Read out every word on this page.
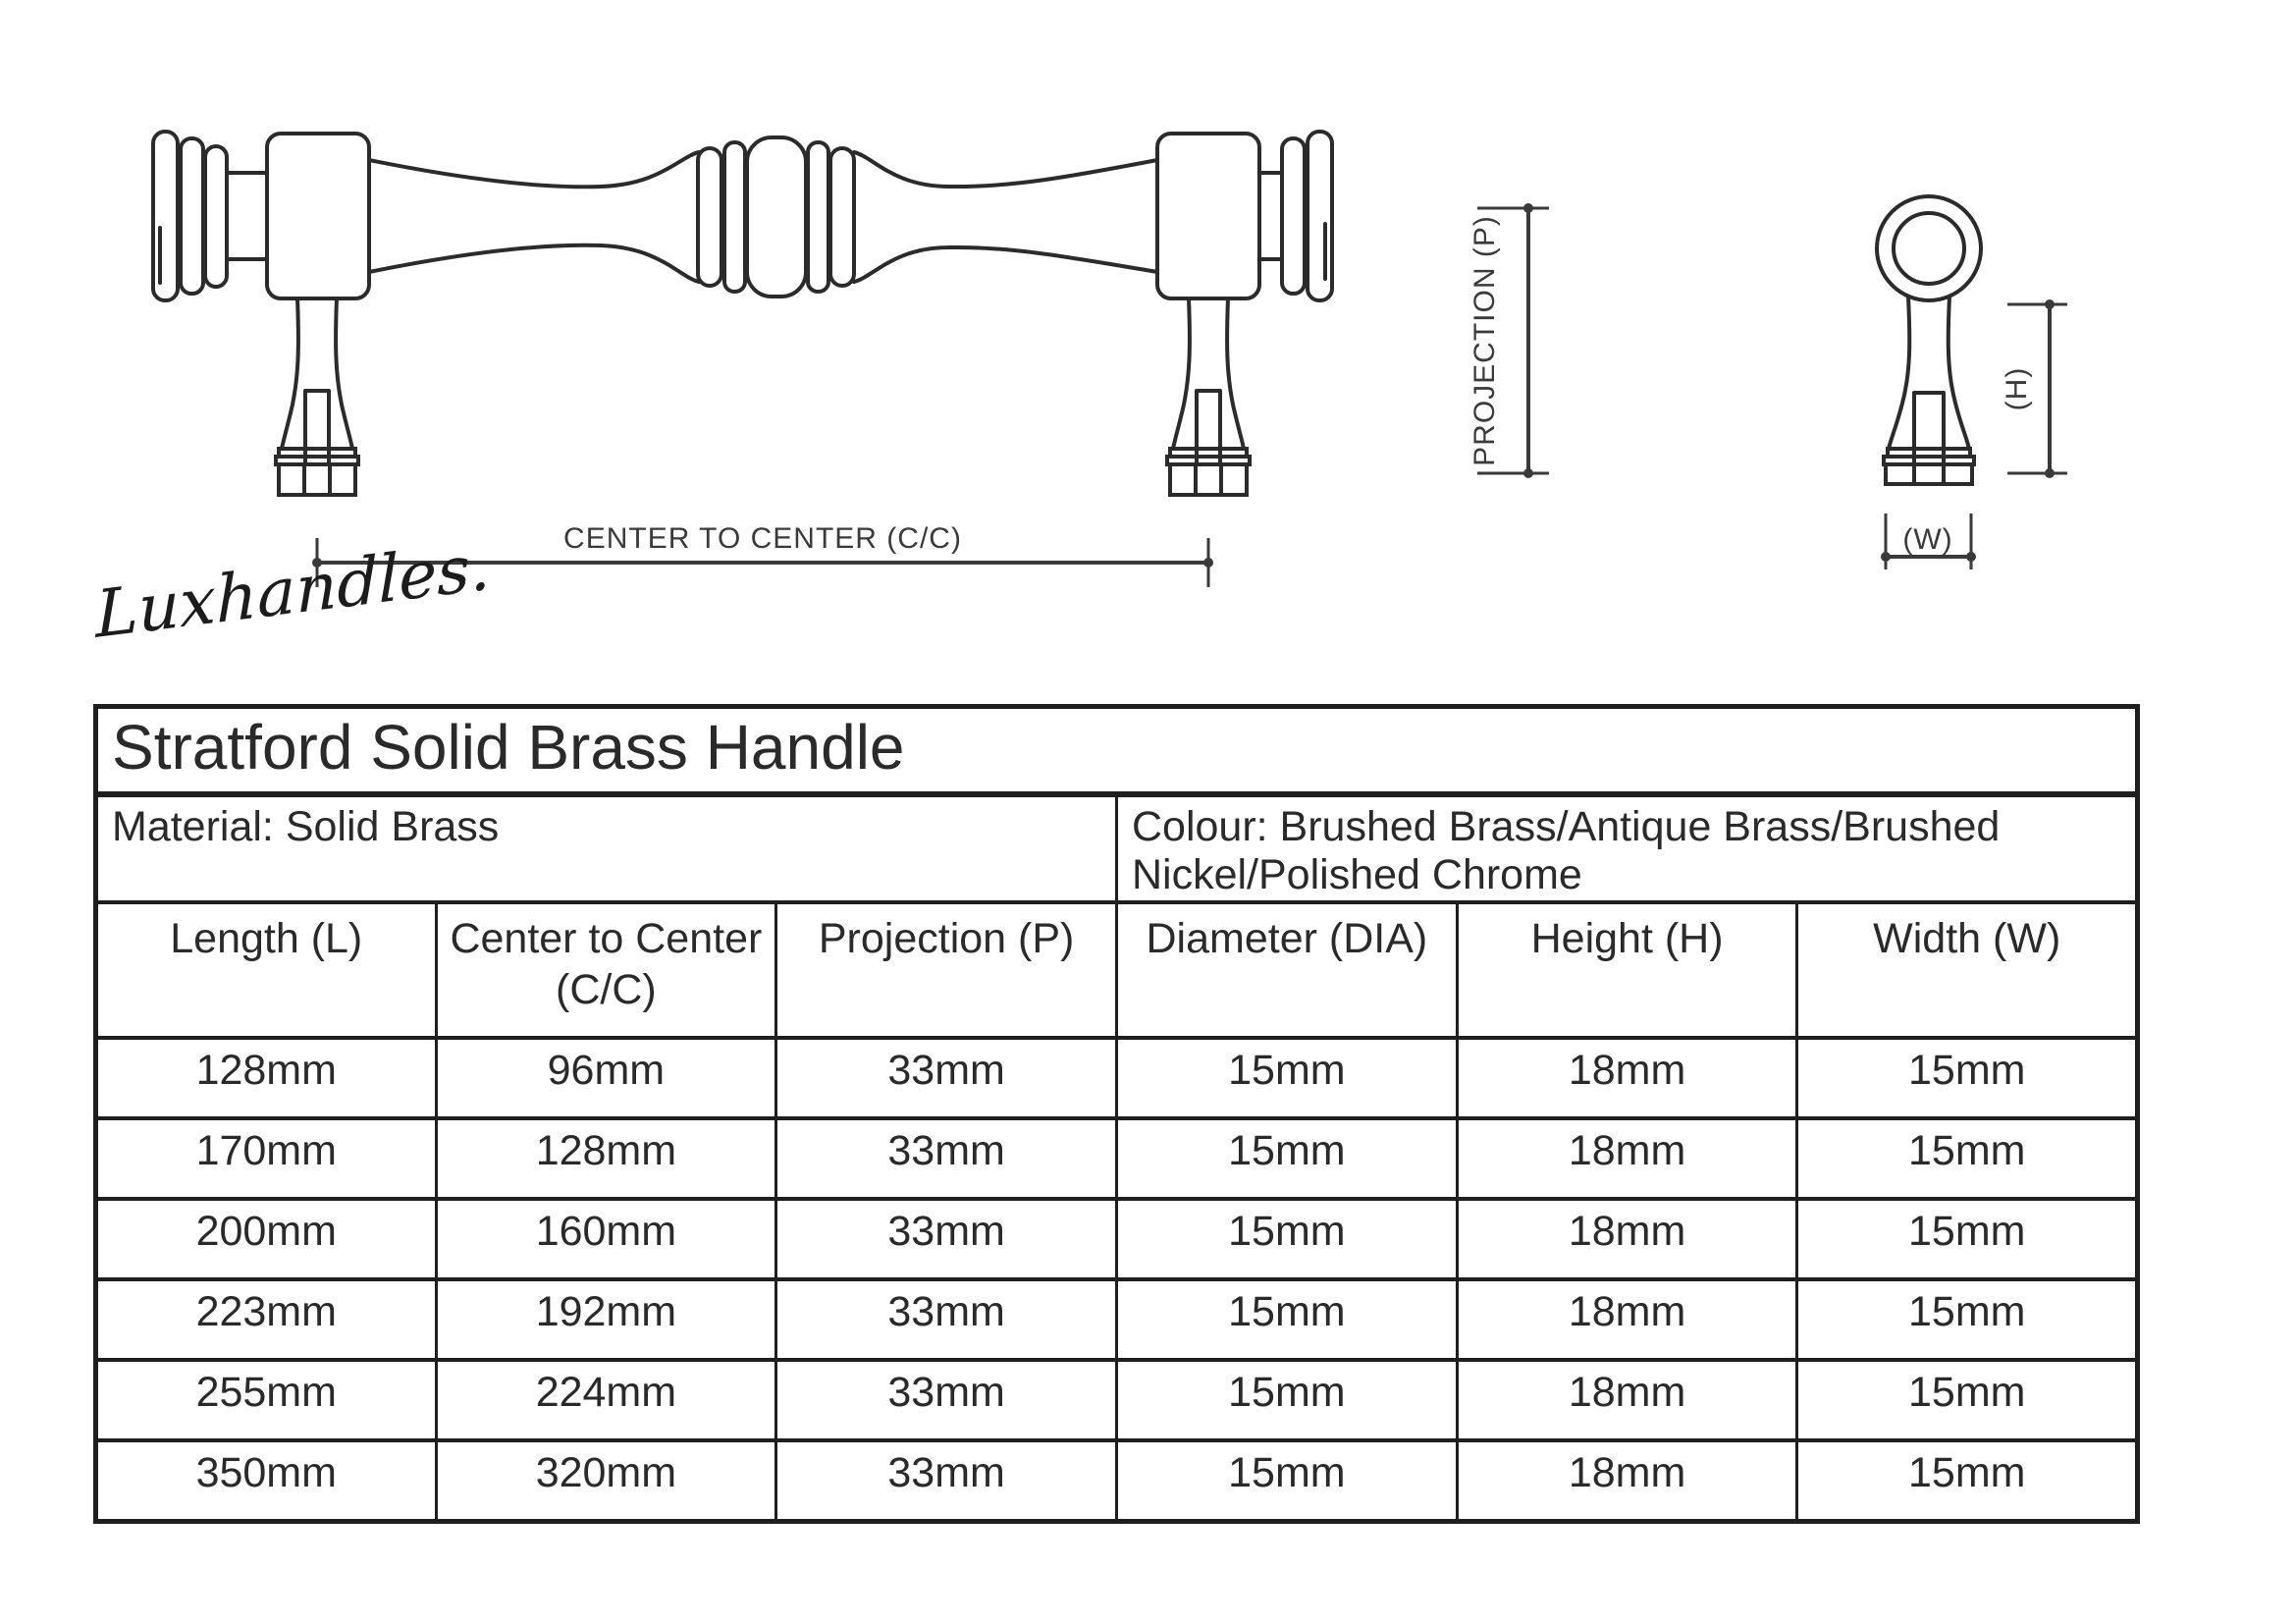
CENTER TO CENTER (C/C)
PROJECTION (P)	(H)
(W)
Luxhandles.
Stratford Solid Brass Handle					
Material: Solid Brass			Colour: Brushed Brass/Antique Brass/Brushed Nickel/Polished Chrome		
Length (L)	Center to Center (C/C)	Projection (P)	Diameter (DIA)	Height (H)	Width (W)
128mm	96mm	33mm	15mm	18mm	15mm
170mm	128mm	33mm	15mm	18mm	15mm
200mm	160mm	33mm	15mm	18mm	15mm
223mm	192mm	33mm	15mm	18mm	15mm
255mm	224mm	33mm	15mm	18mm	15mm
350mm	320mm	33mm	15mm	18mm	15mm
